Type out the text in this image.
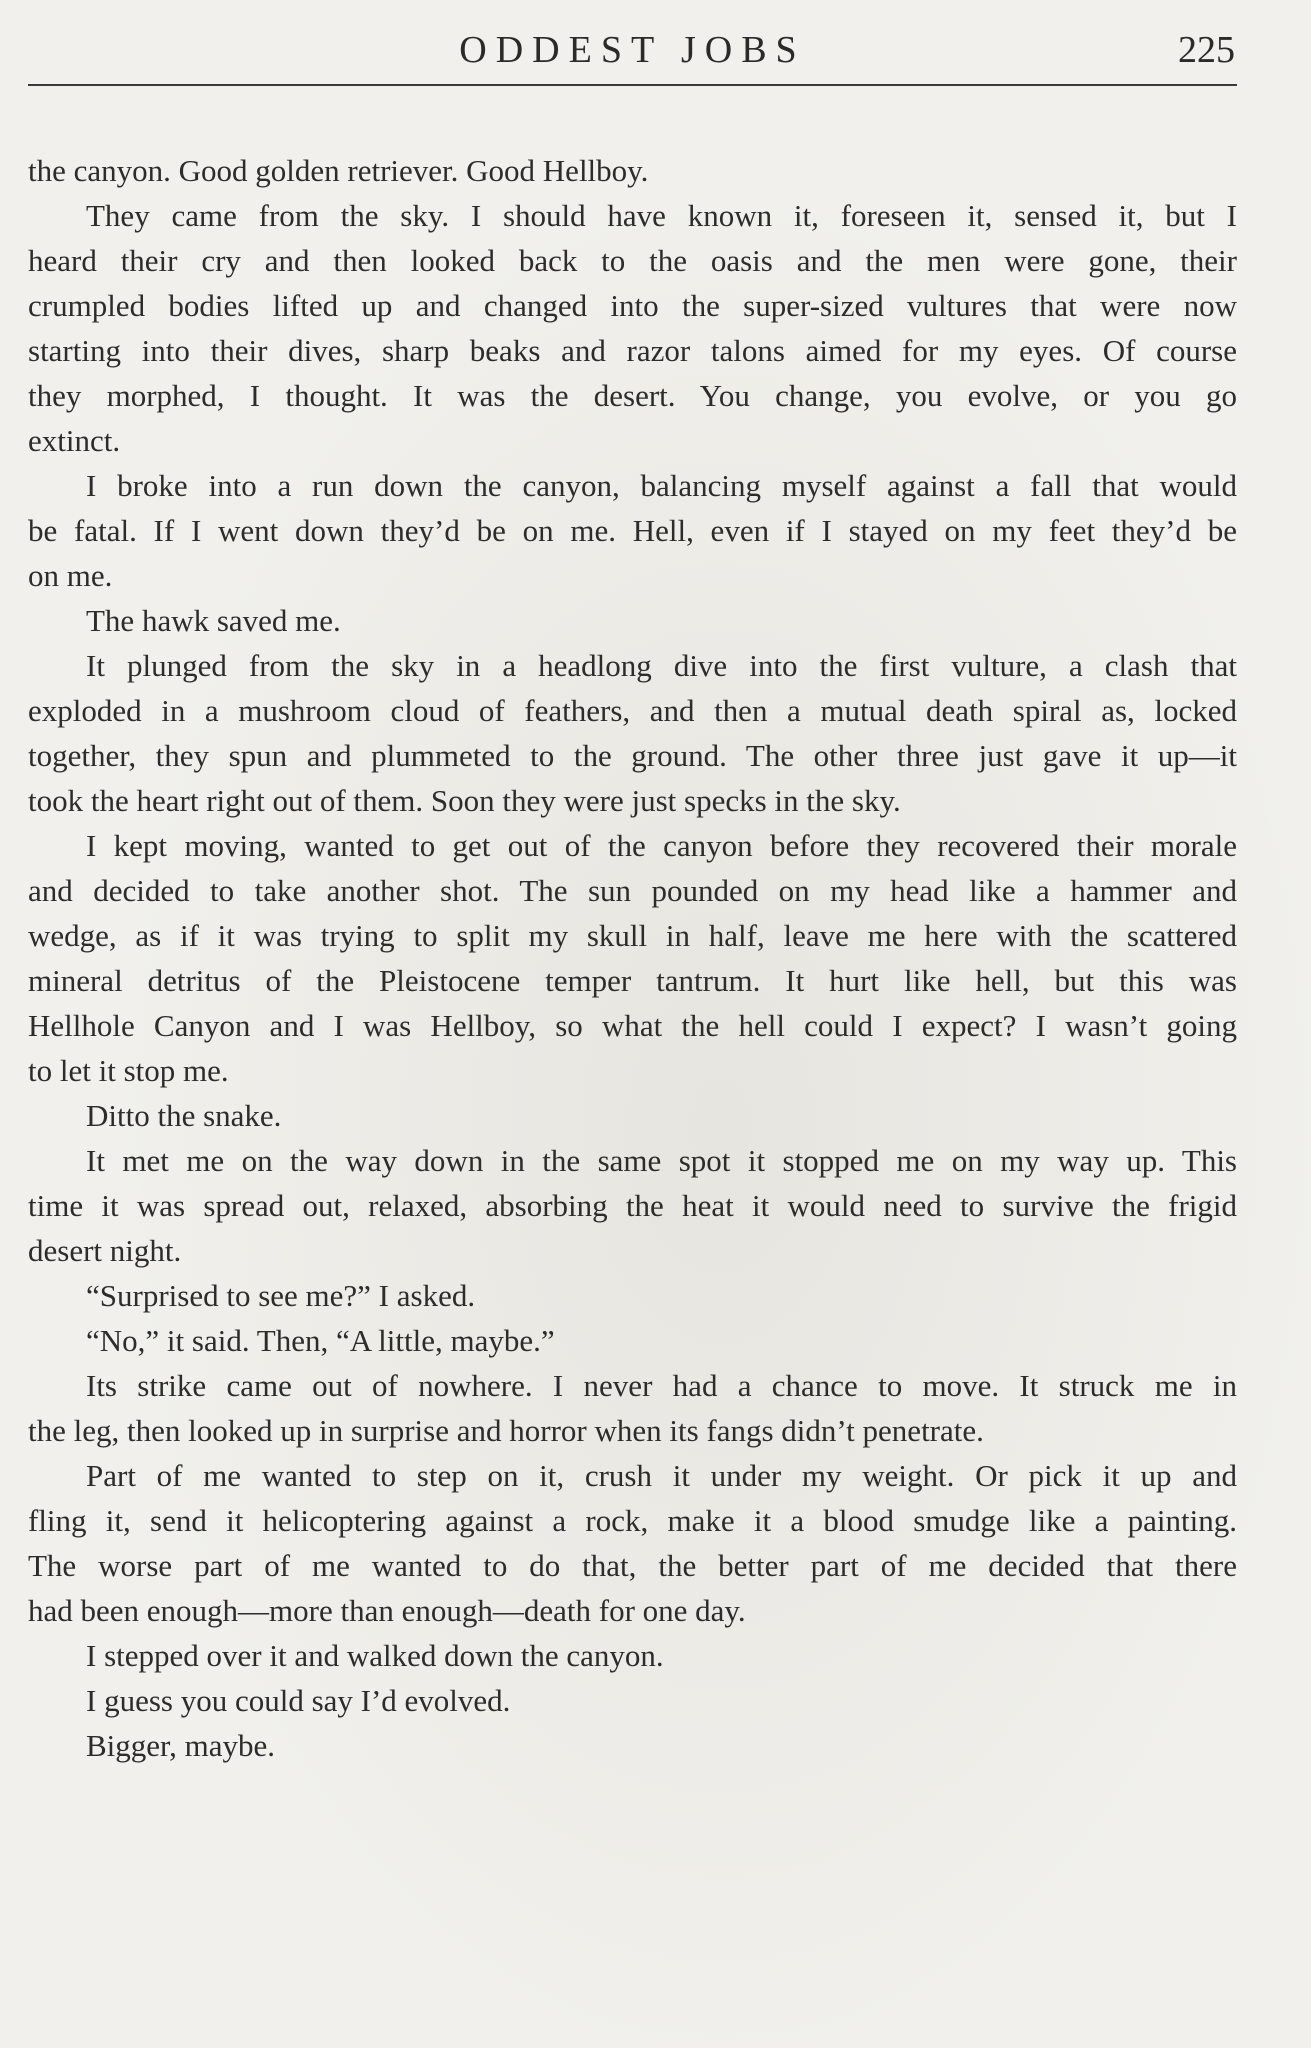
ODDEST JOBS	225
the canyon. Good golden retriever. Good Hellboy.
They came from the sky. I should have known it, foreseen it, sensed it, but I
heard their cry and then looked back to the oasis and the men were gone, their
crumpled bodies lifted up and changed into the super-sized vultures that were now
starting into their dives, sharp beaks and razor talons aimed for my eyes. Of course
they morphed, I thought. It was the desert. You change, you evolve, or you go
extinct.
I broke into a run down the canyon, balancing myself against a fall that would
be fatal. If I went down they’d be on me. Hell, even if I stayed on my feet they’d be
on me.
The hawk saved me.
It plunged from the sky in a headlong dive into the first vulture, a clash that
exploded in a mushroom cloud of feathers, and then a mutual death spiral as, locked
together, they spun and plummeted to the ground. The other three just gave it up—it
took the heart right out of them. Soon they were just specks in the sky.
I kept moving, wanted to get out of the canyon before they recovered their morale
and decided to take another shot. The sun pounded on my head like a hammer and
wedge, as if it was trying to split my skull in half, leave me here with the scattered
mineral detritus of the Pleistocene temper tantrum. It hurt like hell, but this was
Hellhole Canyon and I was Hellboy, so what the hell could I expect? I wasn’t going
to let it stop me.
Ditto the snake.
It met me on the way down in the same spot it stopped me on my way up. This
time it was spread out, relaxed, absorbing the heat it would need to survive the frigid
desert night.
“Surprised to see me?” I asked.
“No,” it said. Then, “A little, maybe.”
Its strike came out of nowhere. I never had a chance to move. It struck me in
the leg, then looked up in surprise and horror when its fangs didn’t penetrate.
Part of me wanted to step on it, crush it under my weight. Or pick it up and
fling it, send it helicoptering against a rock, make it a blood smudge like a painting.
The worse part of me wanted to do that, the better part of me decided that there
had been enough—more than enough—death for one day.
I stepped over it and walked down the canyon.
I guess you could say I’d evolved.
Bigger, maybe.
